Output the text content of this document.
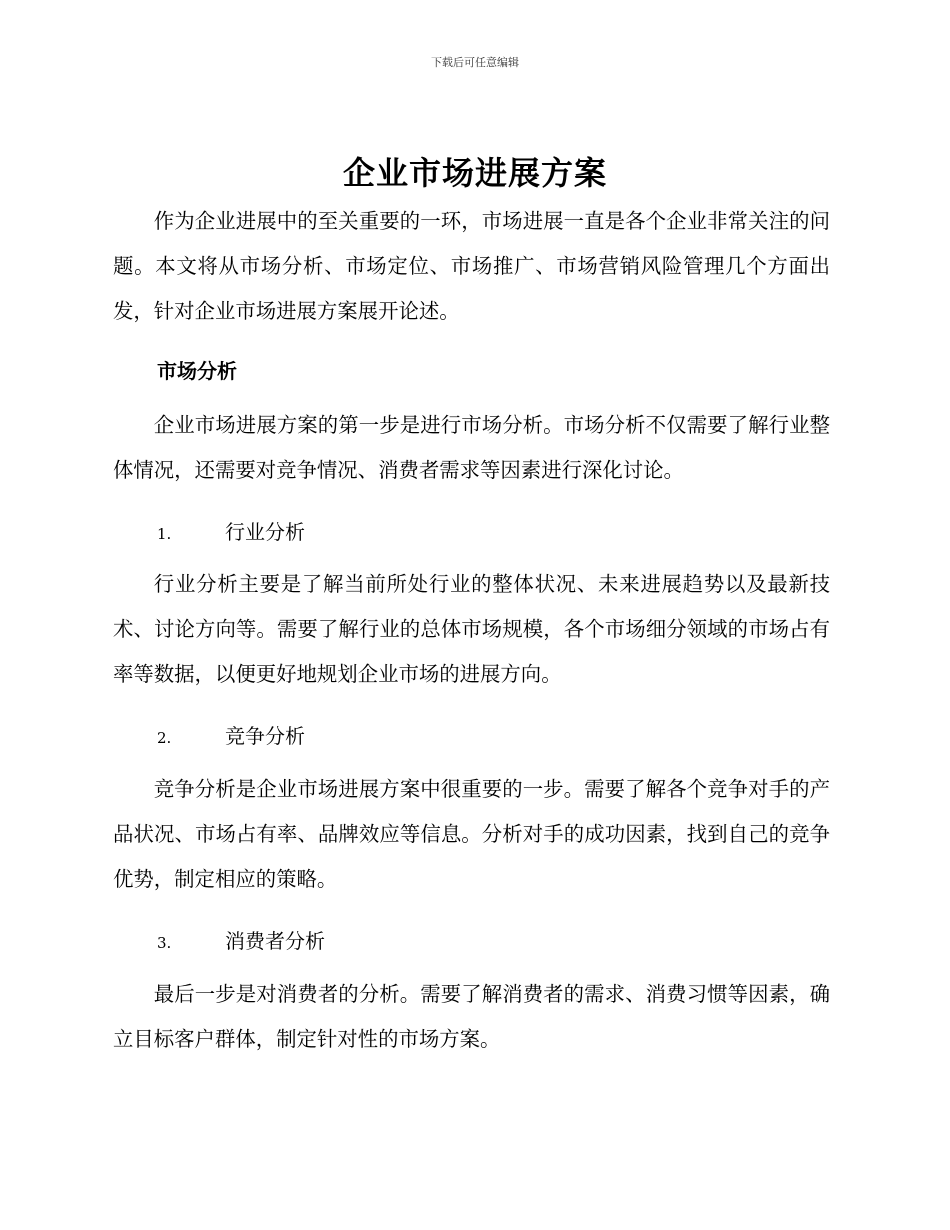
下载后可任意编辑
企业市场进展方案

作为企业进展中的至关重要的一环，市场进展一直是各个企业非常关注的问题。本文将从市场分析、市场定位、市场推广、市场营销风险管理几个方面出发，针对企业市场进展方案展开论述。

市场分析

企业市场进展方案的第一步是进行市场分析。市场分析不仅需要了解行业整体情况，还需要对竞争情况、消费者需求等因素进行深化讨论。

1.	行业分析

行业分析主要是了解当前所处行业的整体状况、未来进展趋势以及最新技术、讨论方向等。需要了解行业的总体市场规模，各个市场细分领域的市场占有率等数据，以便更好地规划企业市场的进展方向。

2.	竞争分析

竞争分析是企业市场进展方案中很重要的一步。需要了解各个竞争对手的产品状况、市场占有率、品牌效应等信息。分析对手的成功因素，找到自己的竞争优势，制定相应的策略。

3.	消费者分析

最后一步是对消费者的分析。需要了解消费者的需求、消费习惯等因素，确立目标客户群体，制定针对性的市场方案。
